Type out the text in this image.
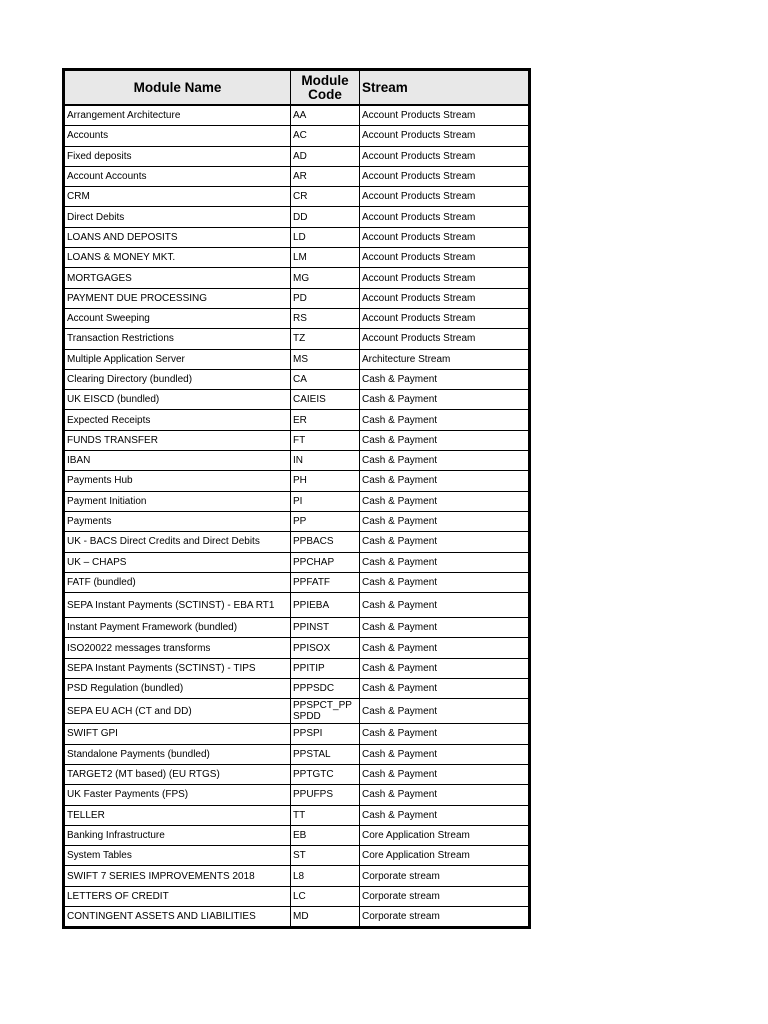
Module Name	Module Code	Stream
Arrangement Architecture	AA	Account Products Stream
Accounts	AC	Account Products Stream
Fixed deposits	AD	Account Products Stream
Account Accounts	AR	Account Products Stream
CRM	CR	Account Products Stream
Direct Debits	DD	Account Products Stream
LOANS AND DEPOSITS	LD	Account Products Stream
LOANS & MONEY MKT.	LM	Account Products Stream
MORTGAGES	MG	Account Products Stream
PAYMENT DUE PROCESSING	PD	Account Products Stream
Account Sweeping	RS	Account Products Stream
Transaction Restrictions	TZ	Account Products Stream
Multiple Application Server	MS	Architecture Stream
Clearing Directory (bundled)	CA	Cash & Payment
UK EISCD (bundled)	CAIEIS	Cash & Payment
Expected Receipts	ER	Cash & Payment
FUNDS TRANSFER	FT	Cash & Payment
IBAN	IN	Cash & Payment
Payments Hub	PH	Cash & Payment
Payment Initiation	PI	Cash & Payment
Payments	PP	Cash & Payment
UK - BACS Direct Credits and Direct Debits	PPBACS	Cash & Payment
UK – CHAPS	PPCHAP	Cash & Payment
FATF (bundled)	PPFATF	Cash & Payment
SEPA Instant Payments (SCTINST) - EBA RT1	PPIEBA	Cash & Payment
Instant Payment Framework (bundled)	PPINST	Cash & Payment
ISO20022 messages transforms	PPISOX	Cash & Payment
SEPA Instant Payments (SCTINST) - TIPS	PPITIP	Cash & Payment
PSD Regulation (bundled)	PPPSDC	Cash & Payment
SEPA EU ACH (CT and DD)	PPSPCT_PPSPDD	Cash & Payment
SWIFT GPI	PPSPI	Cash & Payment
Standalone Payments (bundled)	PPSTAL	Cash & Payment
TARGET2 (MT based) (EU RTGS)	PPTGTC	Cash & Payment
UK Faster Payments (FPS)	PPUFPS	Cash & Payment
TELLER	TT	Cash & Payment
Banking Infrastructure	EB	Core Application Stream
System Tables	ST	Core Application Stream
SWIFT 7 SERIES IMPROVEMENTS 2018	L8	Corporate stream
LETTERS OF CREDIT	LC	Corporate stream
CONTINGENT ASSETS AND LIABILITIES	MD	Corporate stream
